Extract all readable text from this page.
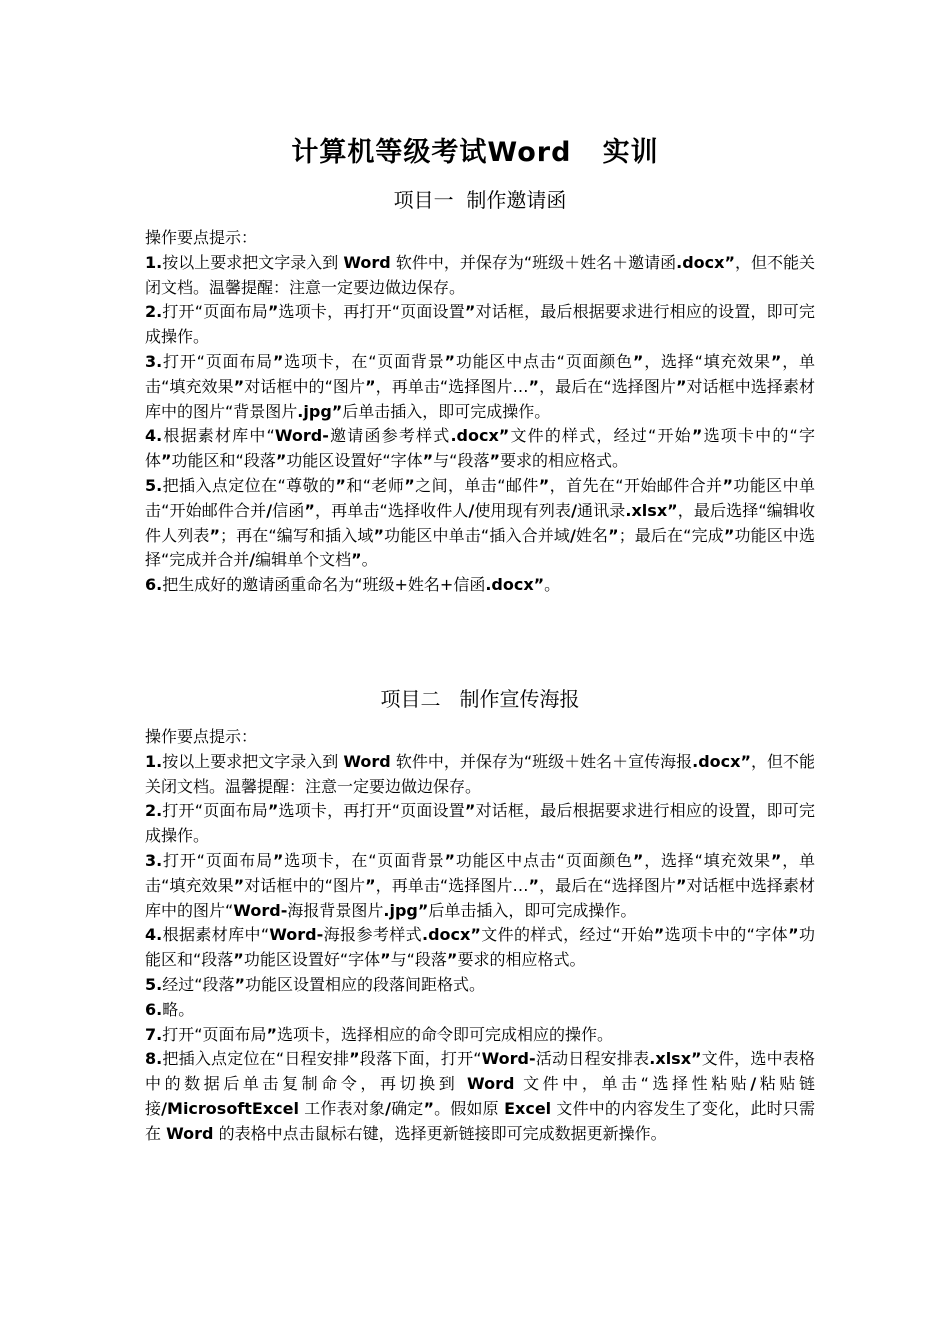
计算机等级考试Word   实训
项目一  制作邀请函

操作要点提示：

1.按以上要求把文字录入到 Word 软件中，并保存为“班级＋姓名＋邀请函.docx”，但不能关闭文档。温馨提醒：注意一定要边做边保存。

2.打开“页面布局”选项卡，再打开“页面设置”对话框，最后根据要求进行相应的设置，即可完成操作。

3.打开“页面布局”选项卡，在“页面背景”功能区中点击“页面颜色”，选择“填充效果”，单击“填充效果”对话框中的“图片”，再单击“选择图片…”，最后在“选择图片”对话框中选择素材库中的图片“背景图片.jpg”后单击插入，即可完成操作。

4.根据素材库中“Word-邀请函参考样式.docx”文件的样式，经过“开始”选项卡中的“字体”功能区和“段落”功能区设置好“字体”与“段落”要求的相应格式。

5.把插入点定位在“尊敬的”和“老师”之间，单击“邮件”，首先在“开始邮件合并”功能区中单击“开始邮件合并/信函”，再单击“选择收件人/使用现有列表/通讯录.xlsx”，最后选择“编辑收件人列表”；再在“编写和插入域”功能区中单击“插入合并域/姓名”；最后在“完成”功能区中选择“完成并合并/编辑单个文档”。

6.把生成好的邀请函重命名为“班级+姓名+信函.docx”。

项目二   制作宣传海报

操作要点提示：

1.按以上要求把文字录入到 Word 软件中，并保存为“班级＋姓名＋宣传海报.docx”，但不能关闭文档。温馨提醒：注意一定要边做边保存。

2.打开“页面布局”选项卡，再打开“页面设置”对话框，最后根据要求进行相应的设置，即可完成操作。

3.打开“页面布局”选项卡，在“页面背景”功能区中点击“页面颜色”，选择“填充效果”，单击“填充效果”对话框中的“图片”，再单击“选择图片…”，最后在“选择图片”对话框中选择素材库中的图片“Word-海报背景图片.jpg”后单击插入，即可完成操作。

4.根据素材库中“Word-海报参考样式.docx”文件的样式，经过“开始”选项卡中的“字体”功能区和“段落”功能区设置好“字体”与“段落”要求的相应格式。

5.经过“段落”功能区设置相应的段落间距格式。

6.略。

7.打开“页面布局”选项卡，选择相应的命令即可完成相应的操作。

8.把插入点定位在“日程安排”段落下面，打开“Word-活动日程安排表.xlsx”文件，选中表格中的数据后单击复制命令，再切换到 Word 文件中，单击“选择性粘贴/粘贴链接/MicrosoftExcel 工作表对象/确定”。假如原 Excel 文件中的内容发生了变化，此时只需在 Word 的表格中点击鼠标右键，选择更新链接即可完成数据更新操作。
